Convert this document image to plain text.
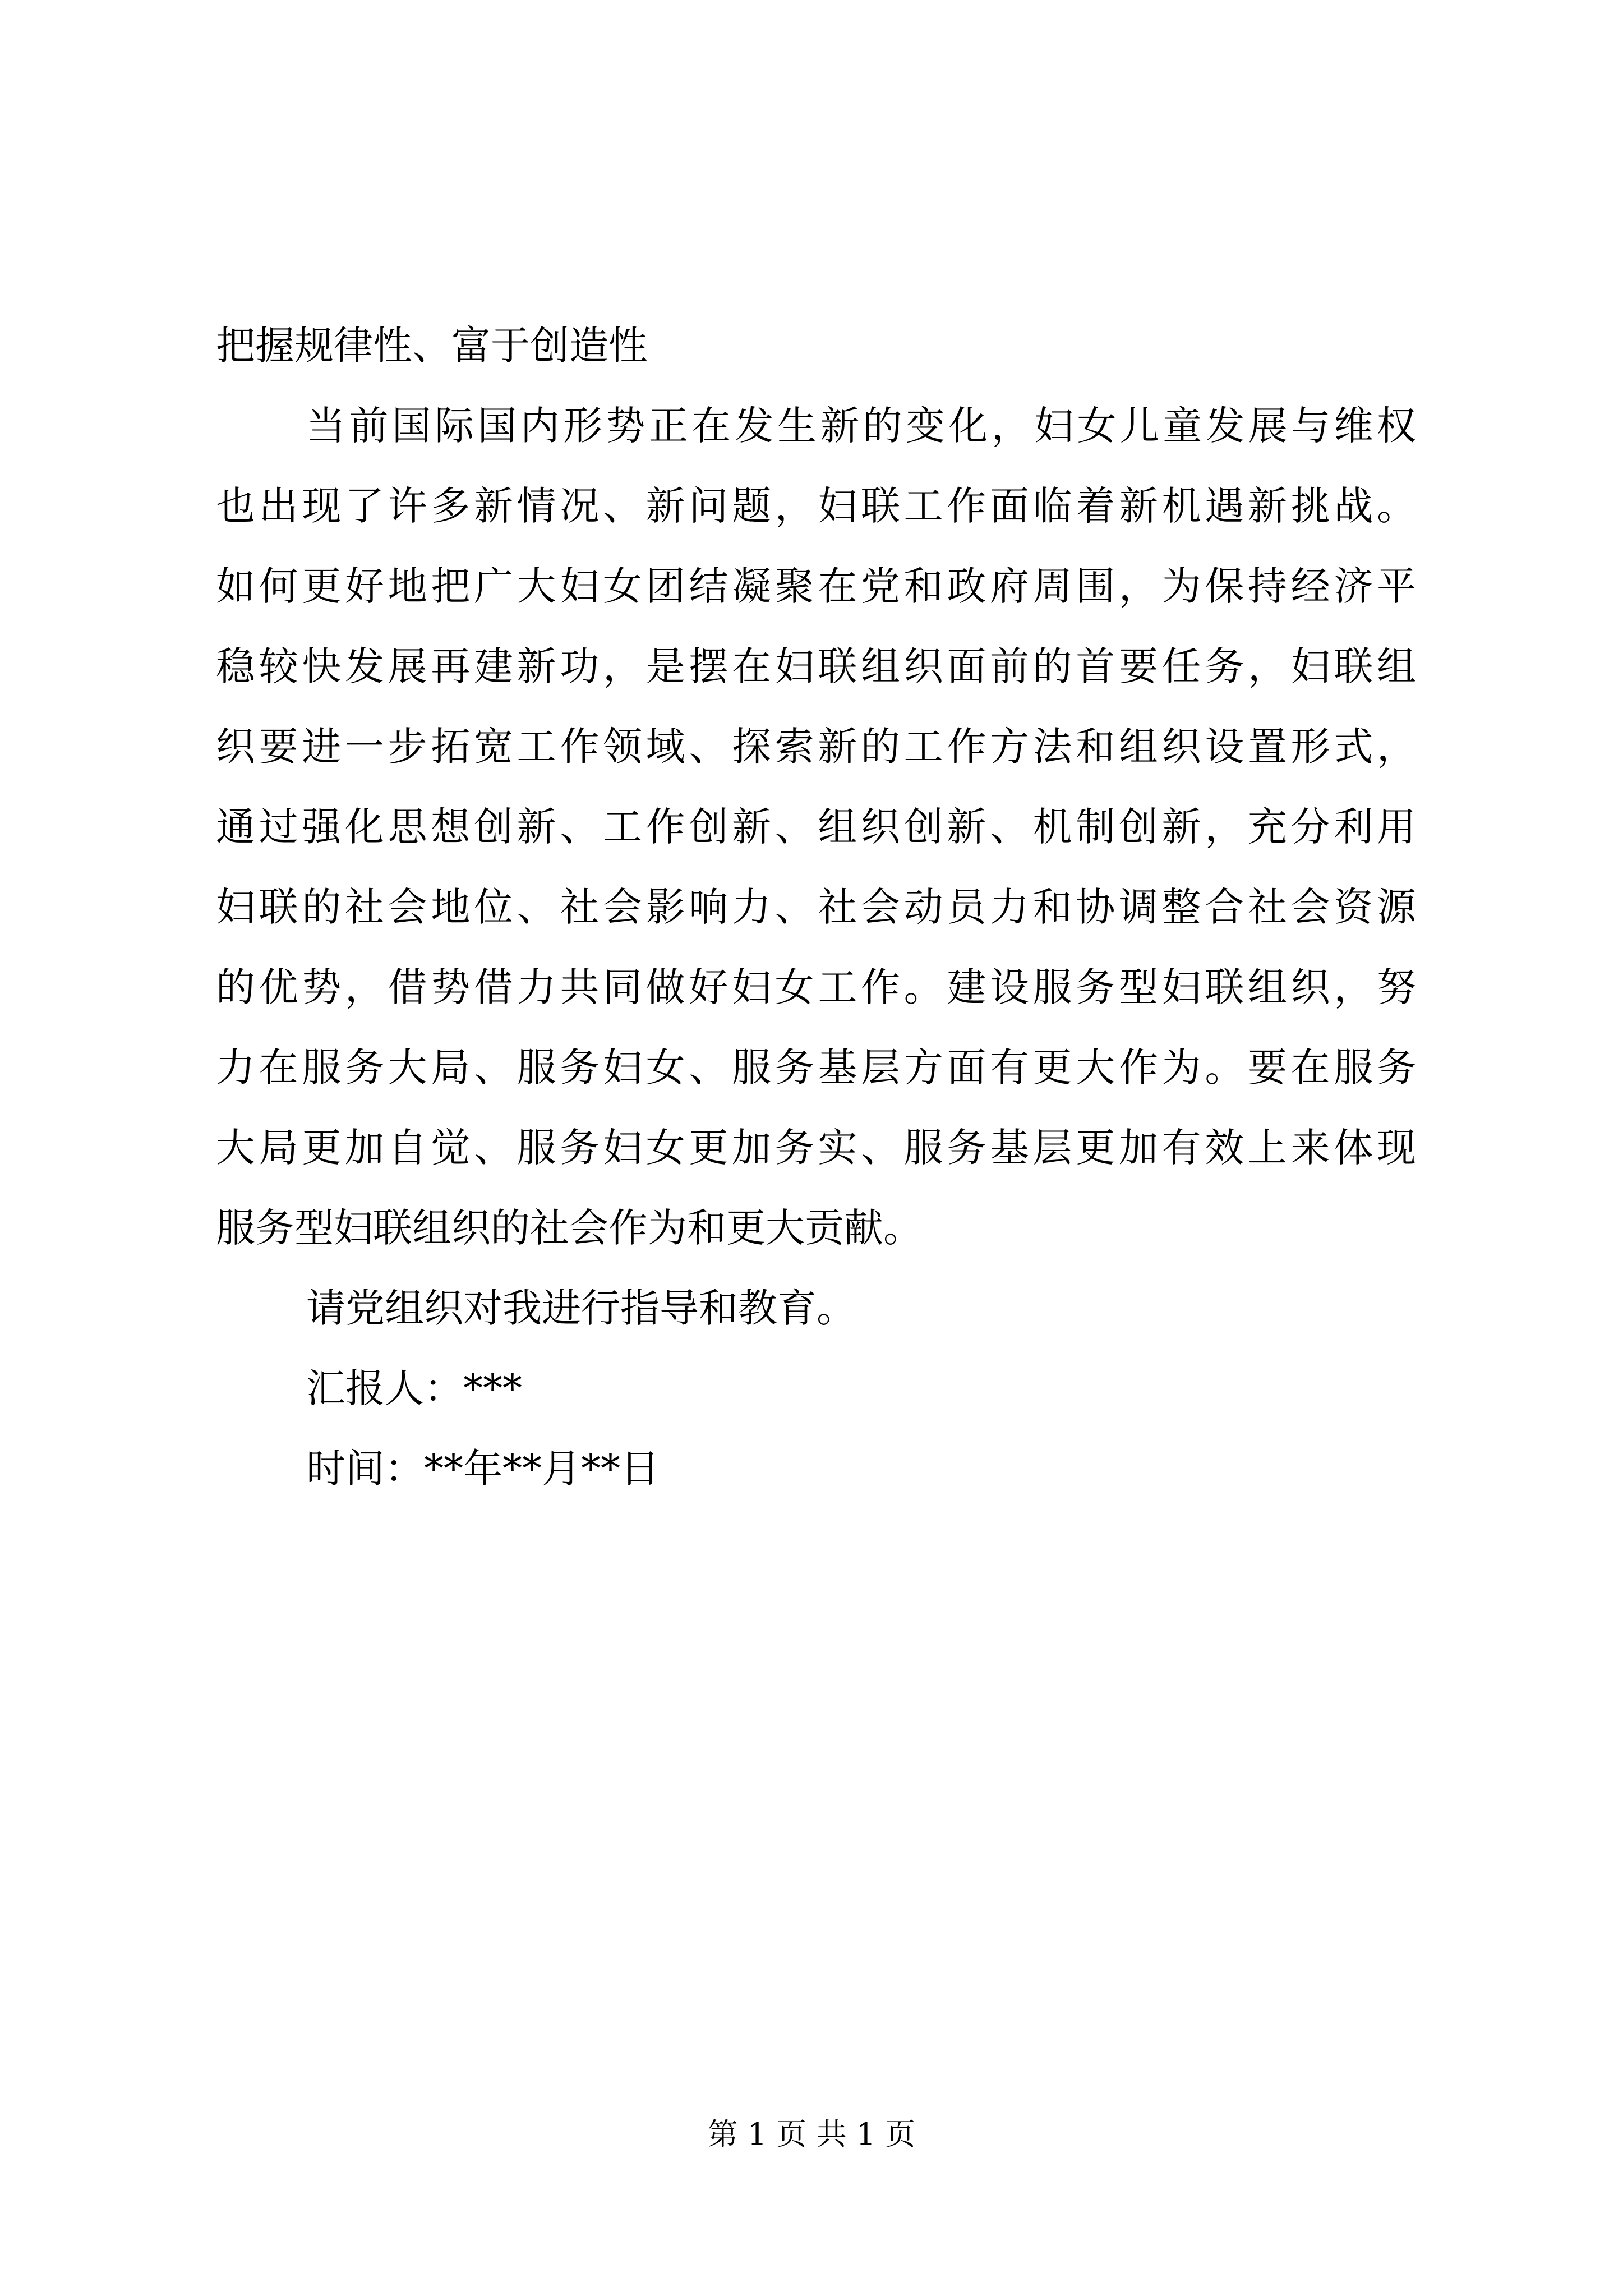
把握规律性、富于创造性
当前国际国内形势正在发生新的变化，妇女儿童发展与维权
也出现了许多新情况、新问题，妇联工作面临着新机遇新挑战。
如何更好地把广大妇女团结凝聚在党和政府周围，为保持经济平
稳较快发展再建新功，是摆在妇联组织面前的首要任务，妇联组
织要进一步拓宽工作领域、探索新的工作方法和组织设置形式，
通过强化思想创新、工作创新、组织创新、机制创新，充分利用
妇联的社会地位、社会影响力、社会动员力和协调整合社会资源
的优势，借势借力共同做好妇女工作。建设服务型妇联组织，努
力在服务大局、服务妇女、服务基层方面有更大作为。要在服务
大局更加自觉、服务妇女更加务实、服务基层更加有效上来体现
服务型妇联组织的社会作为和更大贡献。
请党组织对我进行指导和教育。
汇报人：***
时间：**年**月**日
第 1 页 共 1 页
